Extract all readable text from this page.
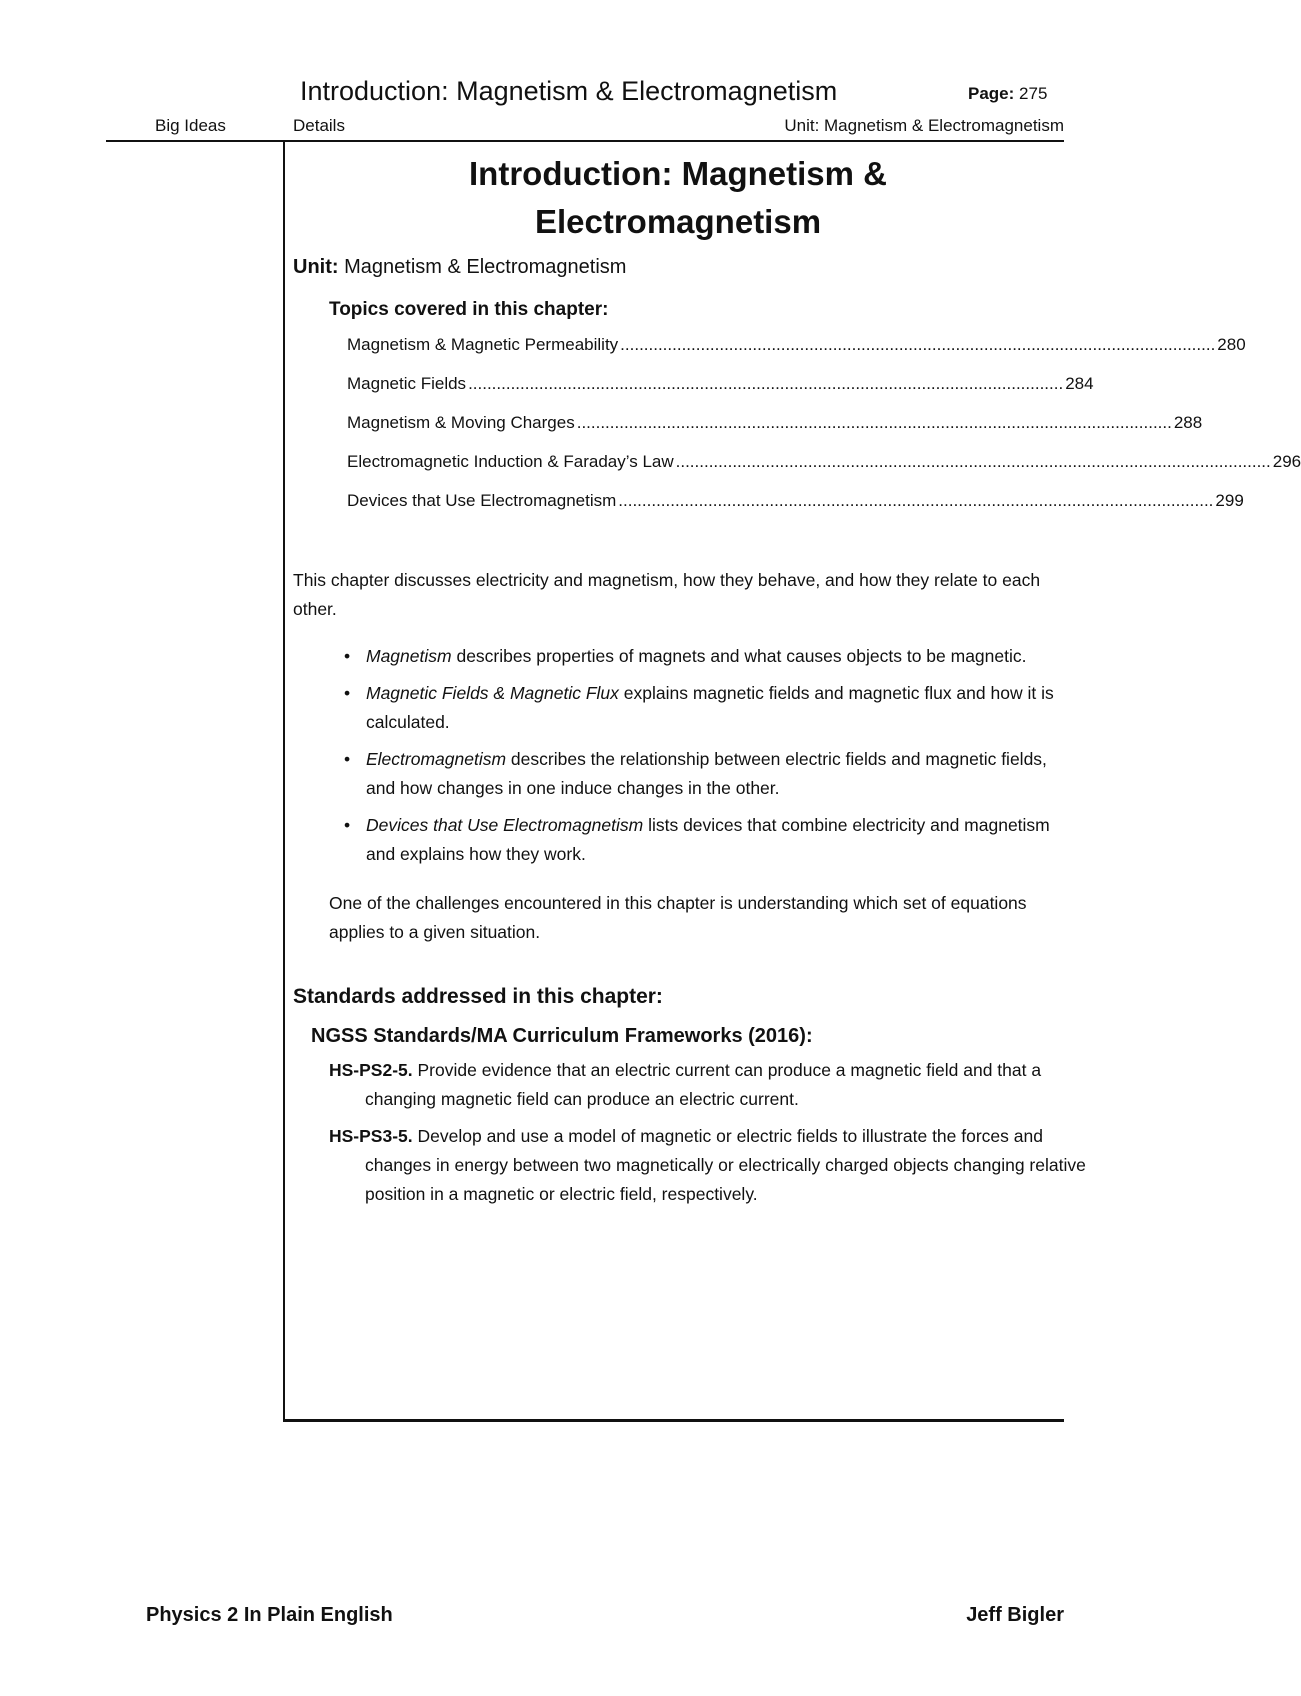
Introduction: Magnetism & Electromagnetism	Page: 275
Big Ideas	Details	Unit: Magnetism & Electromagnetism
Introduction: Magnetism &
Electromagnetism
Unit: Magnetism & Electromagnetism
Topics covered in this chapter:
Magnetism & Magnetic Permeability .............................................................................................................................. 280
Magnetic Fields .............................................................................................................................. 284
Magnetism & Moving Charges .............................................................................................................................. 288
Electromagnetic Induction & Faraday’s Law .............................................................................................................................. 296
Devices that Use Electromagnetism .............................................................................................................................. 299

This chapter discusses electricity and magnetism, how they behave, and how they relate to each other.

• Magnetism describes properties of magnets and what causes objects to be magnetic.
• Magnetic Fields & Magnetic Flux explains magnetic fields and magnetic flux and how it is calculated.
• Electromagnetism describes the relationship between electric fields and magnetic fields, and how changes in one induce changes in the other.
• Devices that Use Electromagnetism lists devices that combine electricity and magnetism and explains how they work.

One of the challenges encountered in this chapter is understanding which set of equations applies to a given situation.

Standards addressed in this chapter:
NGSS Standards/MA Curriculum Frameworks (2016):
HS-PS2-5. Provide evidence that an electric current can produce a magnetic field and that a changing magnetic field can produce an electric current.
HS-PS3-5. Develop and use a model of magnetic or electric fields to illustrate the forces and changes in energy between two magnetically or electrically charged objects changing relative position in a magnetic or electric field, respectively.
Physics 2 In Plain English	Jeff Bigler
